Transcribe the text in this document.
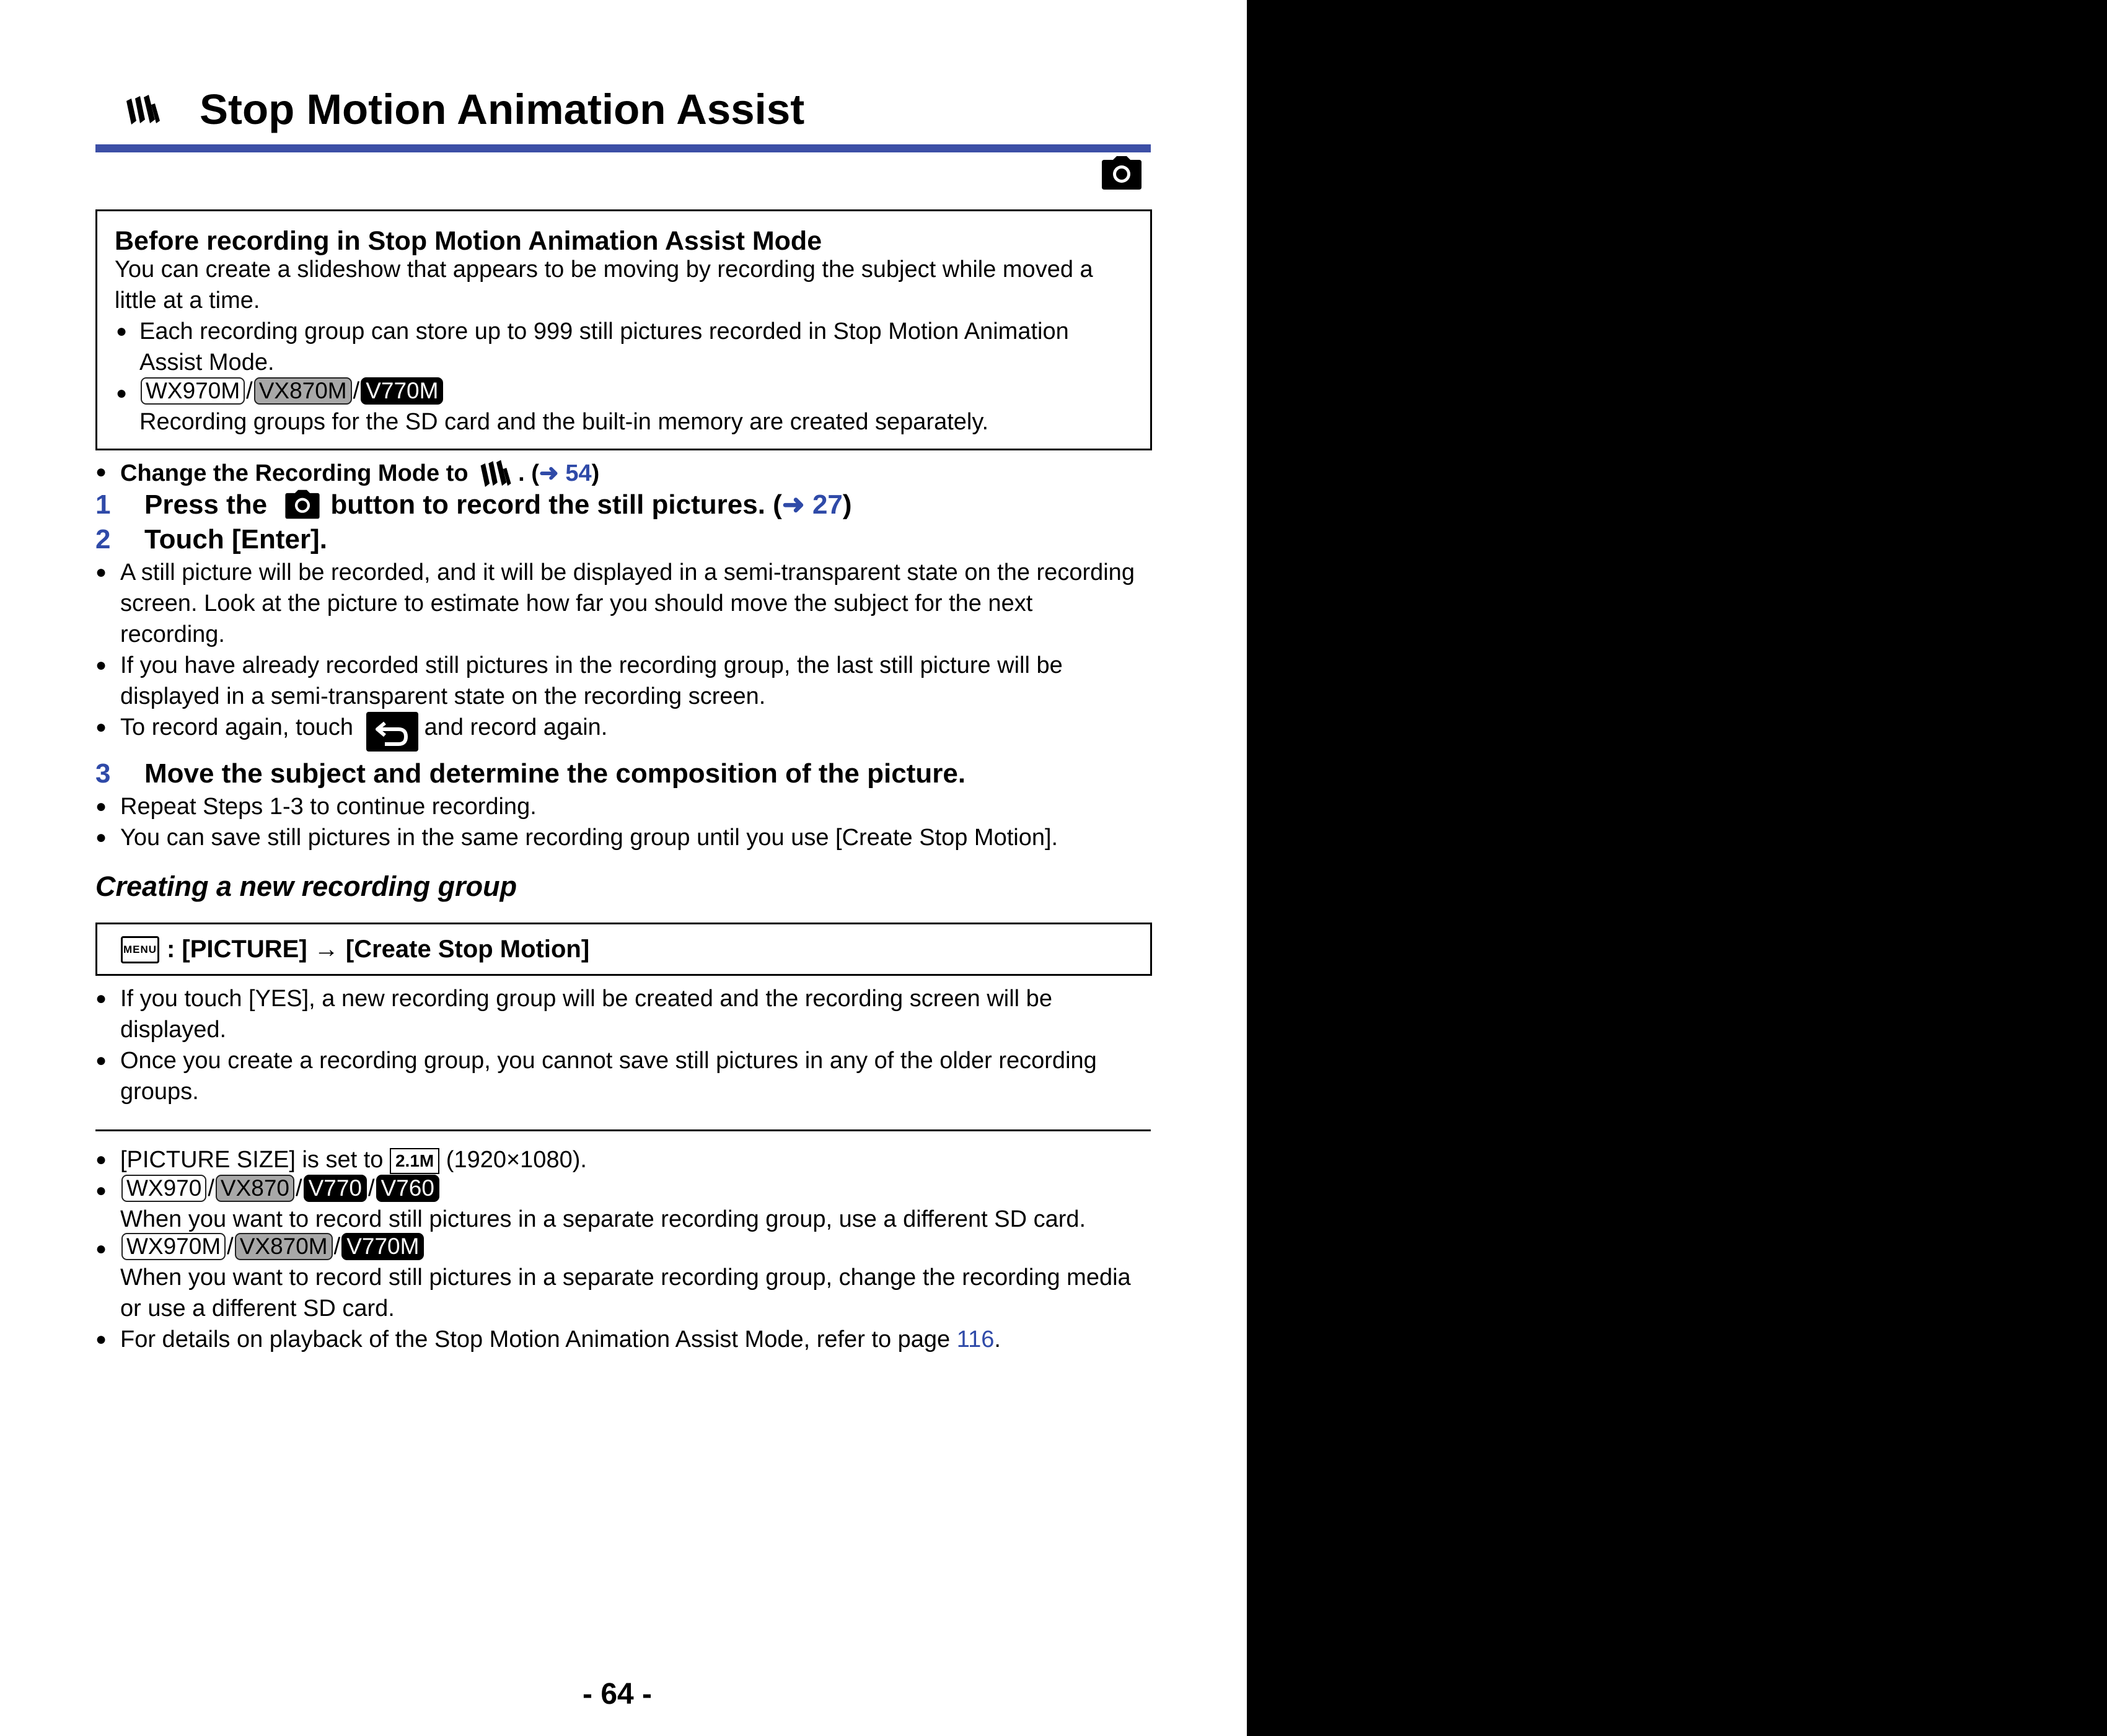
Stop Motion Animation Assist
Before recording in Stop Motion Animation Assist Mode
You can create a slideshow that appears to be moving by recording the subject while moved a
little at a time.
● Each recording group can store up to 999 still pictures recorded in Stop Motion Animation
Assist Mode.
● WX970M / VX870M / V770M
Recording groups for the SD card and the built-in memory are created separately.
● Change the Recording Mode to . (➜ 54)
1 Press the button to record the still pictures. (➜ 27)
2 Touch [Enter].
● A still picture will be recorded, and it will be displayed in a semi-transparent state on the recording
screen. Look at the picture to estimate how far you should move the subject for the next
recording.
● If you have already recorded still pictures in the recording group, the last still picture will be
displayed in a semi-transparent state on the recording screen.
● To record again, touch	and record again.
3 Move the subject and determine the composition of the picture.
● Repeat Steps 1-3 to continue recording.
● You can save still pictures in the same recording group until you use [Create Stop Motion].
Creating a new recording group
MENU : [PICTURE] → [Create Stop Motion]
● If you touch [YES], a new recording group will be created and the recording screen will be
displayed.
● Once you create a recording group, you cannot save still pictures in any of the older recording
groups.
● [PICTURE SIZE] is set to 2.1M (1920×1080).
● WX970 / VX870 / V770 / V760
When you want to record still pictures in a separate recording group, use a different SD card.
● WX970M / VX870M / V770M
When you want to record still pictures in a separate recording group, change the recording media
or use a different SD card.
● For details on playback of the Stop Motion Animation Assist Mode, refer to page 116.
- 64 -
